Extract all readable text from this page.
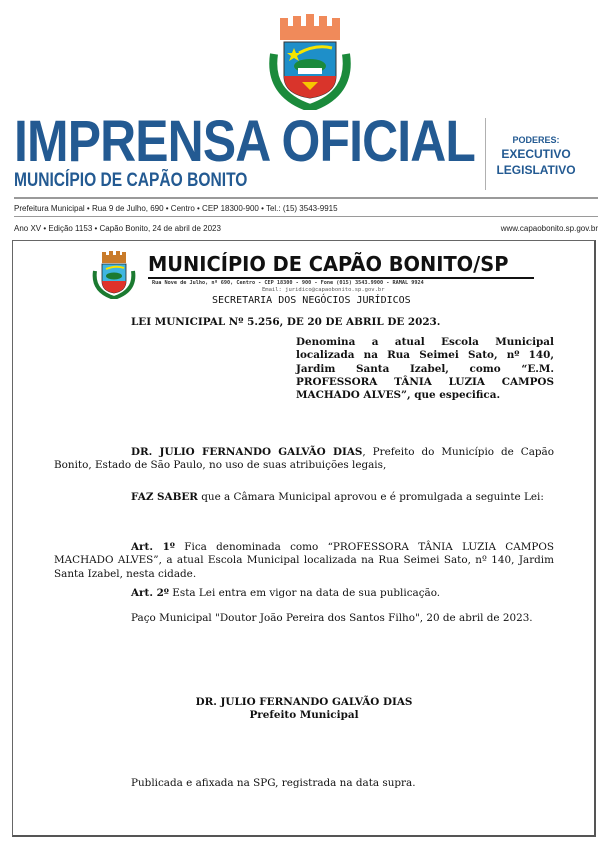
IMPRENSA OFICIAL
MUNICÍPIO DE CAPÃO BONITO
PODERES:
EXECUTIVO
LEGISLATIVO
Prefeitura Municipal • Rua 9 de Julho, 690 • Centro • CEP 18300-900 • Tel.: (15) 3543-9915
Ano XV • Edição 1153 • Capão Bonito, 24 de abril de 2023	www.capaobonito.sp.gov.br
MUNICÍPIO DE CAPÃO BONITO/SP
Rua Nove de Julho, nº 690, Centro - CEP 18300 - 900 - Fone (015) 3543.9900 - RAMAL 9924
Email: juridico@capaobonito.sp.gov.br
SECRETARIA DOS NEGÓCIOS JURÍDICOS
LEI MUNICIPAL Nº 5.256, DE 20 DE ABRIL DE 2023.
Denomina a atual Escola Municipal localizada na Rua Seimei Sato, nº 140, Jardim Santa Izabel, como “E.M. PROFESSORA TÂNIA LUZIA CAMPOS MACHADO ALVES”, que especifica.
DR. JULIO FERNANDO GALVÃO DIAS, Prefeito do Município de Capão Bonito, Estado de São Paulo, no uso de suas atribuições legais,
FAZ SABER que a Câmara Municipal aprovou e é promulgada a seguinte Lei:
Art. 1º Fica denominada como “PROFESSORA TÂNIA LUZIA CAMPOS MACHADO ALVES”, a atual Escola Municipal localizada na Rua Seimei Sato, nº 140, Jardim Santa Izabel, nesta cidade.
Art. 2º Esta Lei entra em vigor na data de sua publicação.
Paço Municipal "Doutor João Pereira dos Santos Filho", 20 de abril de 2023.
DR. JULIO FERNANDO GALVÃO DIAS
Prefeito Municipal
Publicada e afixada na SPG, registrada na data supra.
